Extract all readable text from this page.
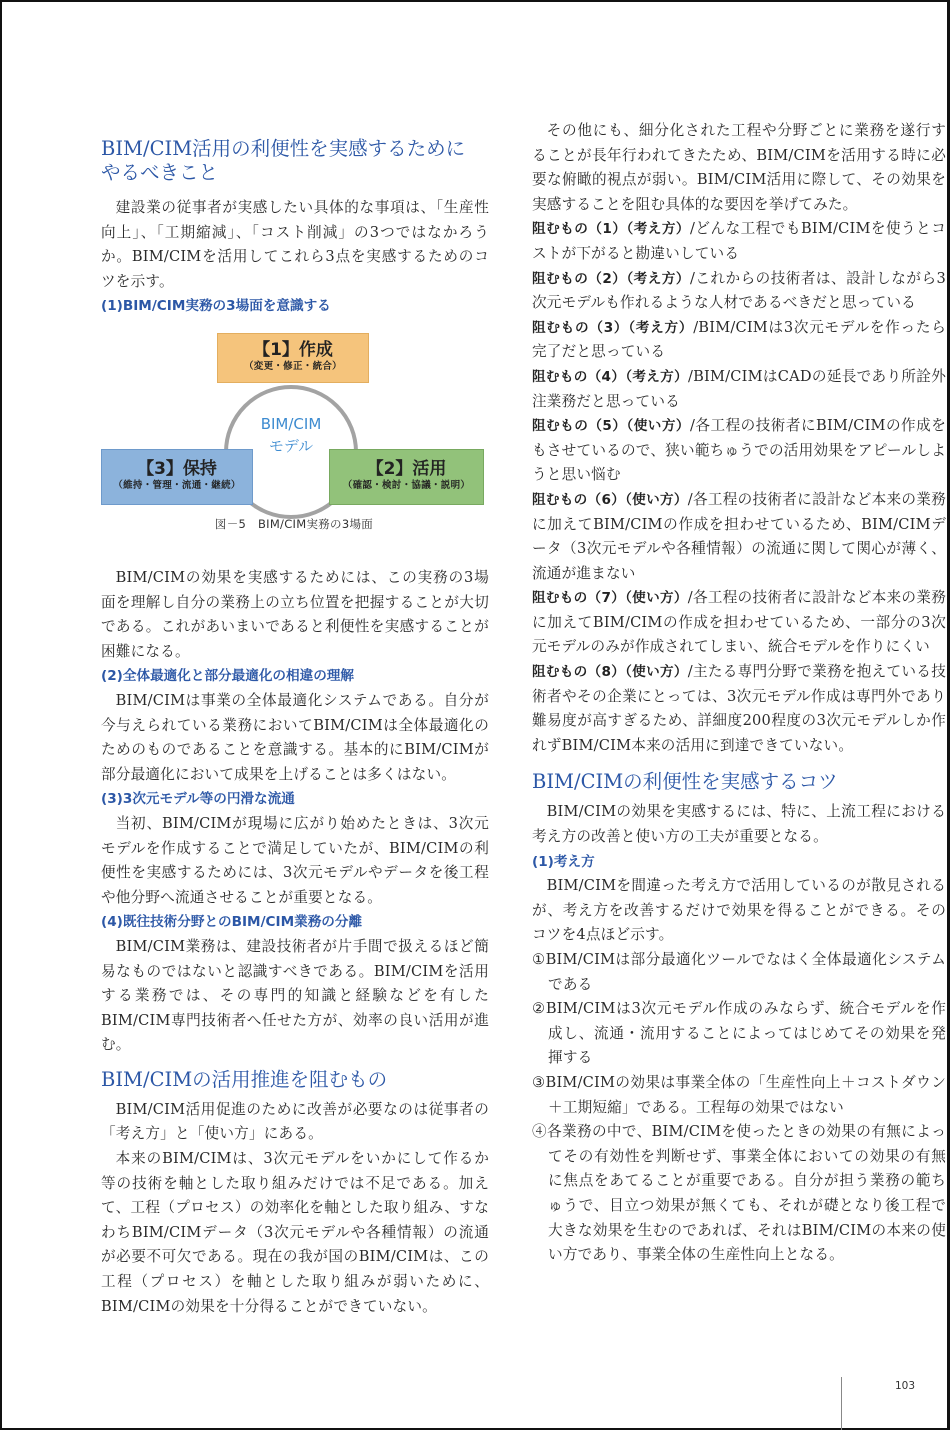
BIM/CIM活用の利便性を実感するために やるべきこと

建設業の従事者が実感したい具体的な事項は、「生産性向上」、「工期縮減」、「コスト削減」の3つではなかろうか。BIM/CIMを活用してこれら3点を実感するためのコツを示す。

(1)BIM/CIM実務の3場面を意識する
BIM/CIM
モデル
【1】作成
（変更・修正・統合）
【2】活用
（確認・検討・協議・説明）
【3】保持
（維持・管理・流通・継続）
図－5　BIM/CIM実務の3場面

BIM/CIMの効果を実感するためには、この実務の3場面を理解し自分の業務上の立ち位置を把握することが大切である。これがあいまいであると利便性を実感することが困難になる。

(2)全体最適化と部分最適化の相違の理解

BIM/CIMは事業の全体最適化システムである。自分が今与えられている業務においてBIM/CIMは全体最適化のためのものであることを意識する。基本的にBIM/CIMが部分最適化において成果を上げることは多くはない。

(3)3次元モデル等の円滑な流通

当初、BIM/CIMが現場に広がり始めたときは、3次元モデルを作成することで満足していたが、BIM/CIMの利便性を実感するためには、3次元モデルやデータを後工程や他分野へ流通させることが重要となる。

(4)既往技術分野とのBIM/CIM業務の分離

BIM/CIM業務は、建設技術者が片手間で扱えるほど簡易なものではないと認識すべきである。BIM/CIMを活用する業務では、その専門的知識と経験などを有したBIM/CIM専門技術者へ任せた方が、効率の良い活用が進む。

BIM/CIMの活用推進を阻むもの

BIM/CIM活用促進のために改善が必要なのは従事者の「考え方」と「使い方」にある。

本来のBIM/CIMは、3次元モデルをいかにして作るか等の技術を軸とした取り組みだけでは不足である。加えて、工程（プロセス）の効率化を軸とした取り組み、すなわちBIM/CIMデータ（3次元モデルや各種情報）の流通が必要不可欠である。現在の我が国のBIM/CIMは、この工程（プロセス）を軸とした取り組みが弱いために、BIM/CIMの効果を十分得ることができていない。

その他にも、細分化された工程や分野ごとに業務を遂行することが長年行われてきたため、BIM/CIMを活用する時に必要な俯瞰的視点が弱い。BIM/CIM活用に際して、その効果を実感することを阻む具体的な要因を挙げてみた。

阻むもの（1）（考え方）/どんな工程でもBIM/CIMを使うとコストが下がると勘違いしている

阻むもの（2）（考え方）/これからの技術者は、設計しながら3次元モデルも作れるような人材であるべきだと思っている

阻むもの（3）（考え方）/BIM/CIMは3次元モデルを作ったら完了だと思っている

阻むもの（4）（考え方）/BIM/CIMはCADの延長であり所詮外注業務だと思っている

阻むもの（5）（使い方）/各工程の技術者にBIM/CIMの作成をもさせているので、狭い範ちゅうでの活用効果をアピールしようと思い悩む

阻むもの（6）（使い方）/各工程の技術者に設計など本来の業務に加えてBIM/CIMの作成を担わせているため、BIM/CIMデータ（3次元モデルや各種情報）の流通に関して関心が薄く、流通が進まない

阻むもの（7）（使い方）/各工程の技術者に設計など本来の業務に加えてBIM/CIMの作成を担わせているため、一部分の3次元モデルのみが作成されてしまい、統合モデルを作りにくい

阻むもの（8）（使い方）/主たる専門分野で業務を抱えている技術者やその企業にとっては、3次元モデル作成は専門外であり難易度が高すぎるため、詳細度200程度の3次元モデルしか作れずBIM/CIM本来の活用に到達できていない。

BIM/CIMの利便性を実感するコツ

BIM/CIMの効果を実感するには、特に、上流工程における考え方の改善と使い方の工夫が重要となる。

(1)考え方

BIM/CIMを間違った考え方で活用しているのが散見されるが、考え方を改善するだけで効果を得ることができる。そのコツを4点ほど示す。

①BIM/CIMは部分最適化ツールでなはく全体最適化システムである

②BIM/CIMは3次元モデル作成のみならず、統合モデルを作成し、流通・流用することによってはじめてその効果を発揮する

③BIM/CIMの効果は事業全体の「生産性向上＋コストダウン＋工期短縮」である。工程毎の効果ではない

④各業務の中で、BIM/CIMを使ったときの効果の有無によってその有効性を判断せず、事業全体においての効果の有無に焦点をあてることが重要である。自分が担う業務の範ちゅうで、目立つ効果が無くても、それが礎となり後工程で大きな効果を生むのであれば、それはBIM/CIMの本来の使い方であり、事業全体の生産性向上となる。

103
